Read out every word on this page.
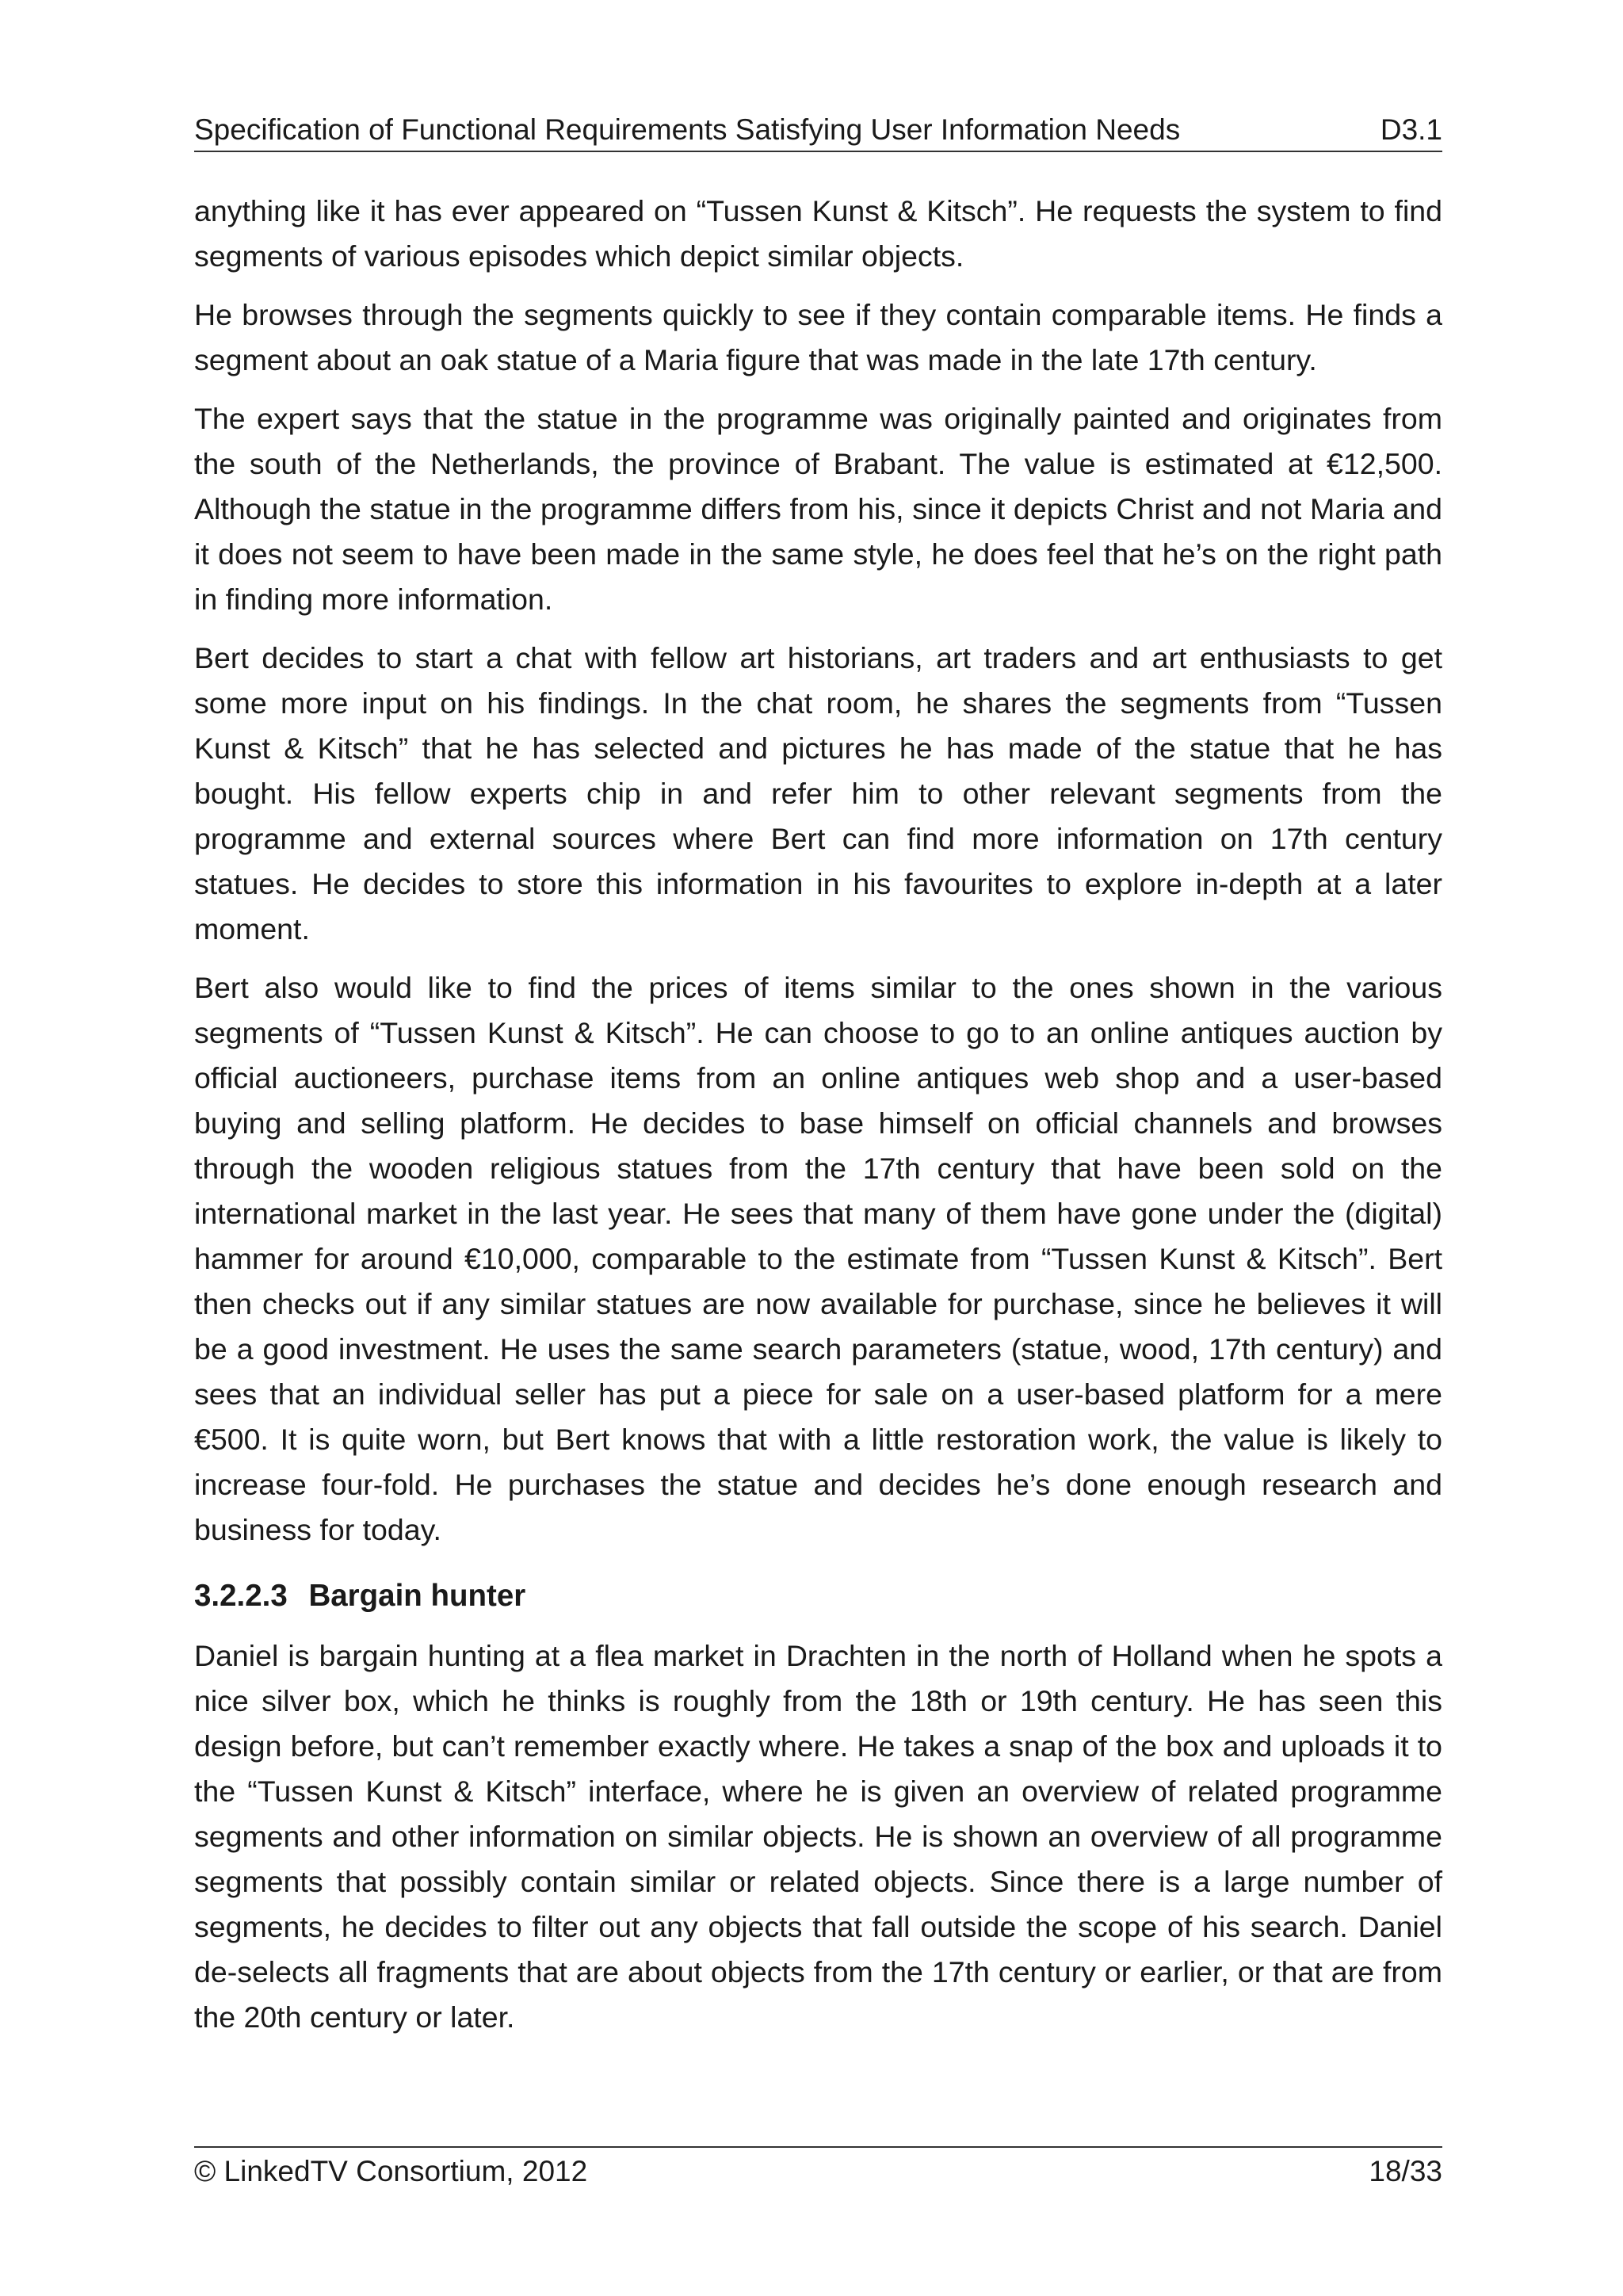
Specification of Functional Requirements Satisfying User Information Needs	D3.1

anything like it has ever appeared on “Tussen Kunst & Kitsch”. He requests the system to find segments of various episodes which depict similar objects.

He browses through the segments quickly to see if they contain comparable items. He finds a segment about an oak statue of a Maria figure that was made in the late 17th century.

The expert says that the statue in the programme was originally painted and originates from the south of the Netherlands, the province of Brabant. The value is estimated at €12,500. Although the statue in the programme differs from his, since it depicts Christ and not Maria and it does not seem to have been made in the same style, he does feel that he’s on the right path in finding more information.

Bert decides to start a chat with fellow art historians, art traders and art enthusiasts to get some more input on his findings. In the chat room, he shares the segments from “Tussen Kunst & Kitsch” that he has selected and pictures he has made of the statue that he has bought. His fellow experts chip in and refer him to other relevant segments from the programme and external sources where Bert can find more information on 17th century statues. He decides to store this information in his favourites to explore in-depth at a later moment.

Bert also would like to find the prices of items similar to the ones shown in the various segments of “Tussen Kunst & Kitsch”. He can choose to go to an online antiques auction by official auctioneers, purchase items from an online antiques web shop and a user-based buying and selling platform. He decides to base himself on official channels and browses through the wooden religious statues from the 17th century that have been sold on the international market in the last year. He sees that many of them have gone under the (digital) hammer for around €10,000, comparable to the estimate from “Tussen Kunst & Kitsch”. Bert then checks out if any similar statues are now available for purchase, since he believes it will be a good investment. He uses the same search parameters (statue, wood, 17th century) and sees that an individual seller has put a piece for sale on a user-based platform for a mere €500. It is quite worn, but Bert knows that with a little restoration work, the value is likely to increase four-fold. He purchases the statue and decides he’s done enough research and business for today.

3.2.2.3 Bargain hunter

Daniel is bargain hunting at a flea market in Drachten in the north of Holland when he spots a nice silver box, which he thinks is roughly from the 18th or 19th century. He has seen this design before, but can’t remember exactly where. He takes a snap of the box and uploads it to the “Tussen Kunst & Kitsch” interface, where he is given an overview of related programme segments and other information on similar objects. He is shown an overview of all programme segments that possibly contain similar or related objects. Since there is a large number of segments, he decides to filter out any objects that fall outside the scope of his search. Daniel de-selects all fragments that are about objects from the 17th century or earlier, or that are from the 20th century or later.

© LinkedTV Consortium, 2012	18/33
